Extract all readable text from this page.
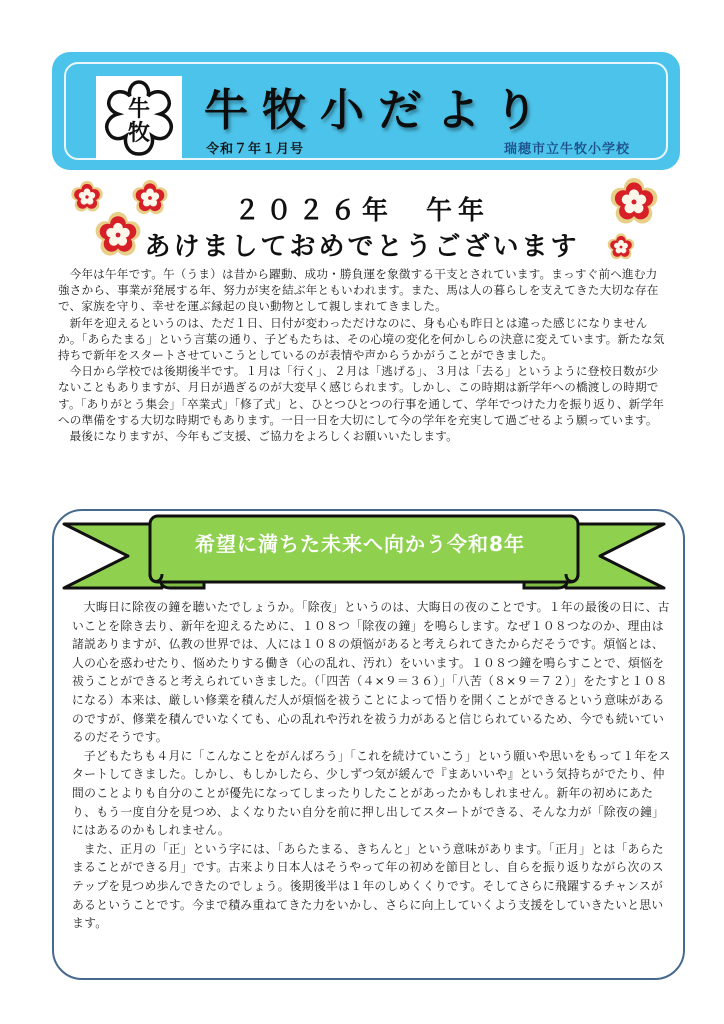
牛
牧 牛牧小だより
令和７年１月号	瑞穂市立牛牧小学校
２０２６年　午年
あけましておめでとうございます

今年は午年です。午（うま）は昔から躍動、成功・勝負運を象徴する干支とされています。まっすぐ前へ進む力強さから、事業が発展する年、努力が実を結ぶ年ともいわれます。また、馬は人の暮らしを支えてきた大切な存在で、家族を守り、幸せを運ぶ縁起の良い動物として親しまれてきました。

新年を迎えるというのは、ただ１日、日付が変わっただけなのに、身も心も昨日とは違った感じになりませんか。「あらたまる」という言葉の通り、子どもたちは、その心境の変化を何かしらの決意に変えています。新たな気持ちで新年をスタートさせていこうとしているのが表情や声からうかがうことができました。

今日から学校では後期後半です。１月は「行く」、２月は「逃げる」、３月は「去る」というように登校日数が少ないこともありますが、月日が過ぎるのが大変早く感じられます。しかし、この時期は新学年への橋渡しの時期です。「ありがとう集会」「卒業式」「修了式」と、ひとつひとつの行事を通して、学年でつけた力を振り返り、新学年への準備をする大切な時期でもあります。一日一日を大切にして今の学年を充実して過ごせるよう願っています。

最後になりますが、今年もご支援、ご協力をよろしくお願いいたします。

希望に満ちた未来へ向かう令和8年

大晦日に除夜の鐘を聴いたでしょうか。「除夜」というのは、大晦日の夜のことです。１年の最後の日に、古いことを除き去り、新年を迎えるために、１０８つ「除夜の鐘」を鳴らします。なぜ１０８つなのか、理由は諸説ありますが、仏教の世界では、人には１０８の煩悩があると考えられてきたからだそうです。煩悩とは、人の心を惑わせたり、悩めたりする働き（心の乱れ、汚れ）をいいます。１０８つ鐘を鳴らすことで、煩悩を祓うことができると考えられていきました。（「四苦（４×９＝３６）」「八苦（８×９＝７２）」をたすと１０８になる）本来は、厳しい修業を積んだ人が煩悩を祓うことによって悟りを開くことができるという意味があるのですが、修業を積んでいなくても、心の乱れや汚れを祓う力があると信じられているため、今でも続いているのだそうです。

子どもたちも４月に「こんなことをがんばろう」「これを続けていこう」という願いや思いをもって１年をスタートしてきました。しかし、もしかしたら、少しずつ気が緩んで『まあいいや』という気持ちがでたり、仲間のことよりも自分のことが優先になってしまったりしたことがあったかもしれません。新年の初めにあたり、もう一度自分を見つめ、よくなりたい自分を前に押し出してスタートができる、そんな力が「除夜の鐘」にはあるのかもしれません。

また、正月の「正」という字には、「あらたまる、きちんと」という意味があります。「正月」とは「あらたまることができる月」です。古来より日本人はそうやって年の初めを節目とし、自らを振り返りながら次のステップを見つめ歩んできたのでしょう。後期後半は１年のしめくくりです。そしてさらに飛躍するチャンスがあるということです。今まで積み重ねてきた力をいかし、さらに向上していくよう支援をしていきたいと思います。
